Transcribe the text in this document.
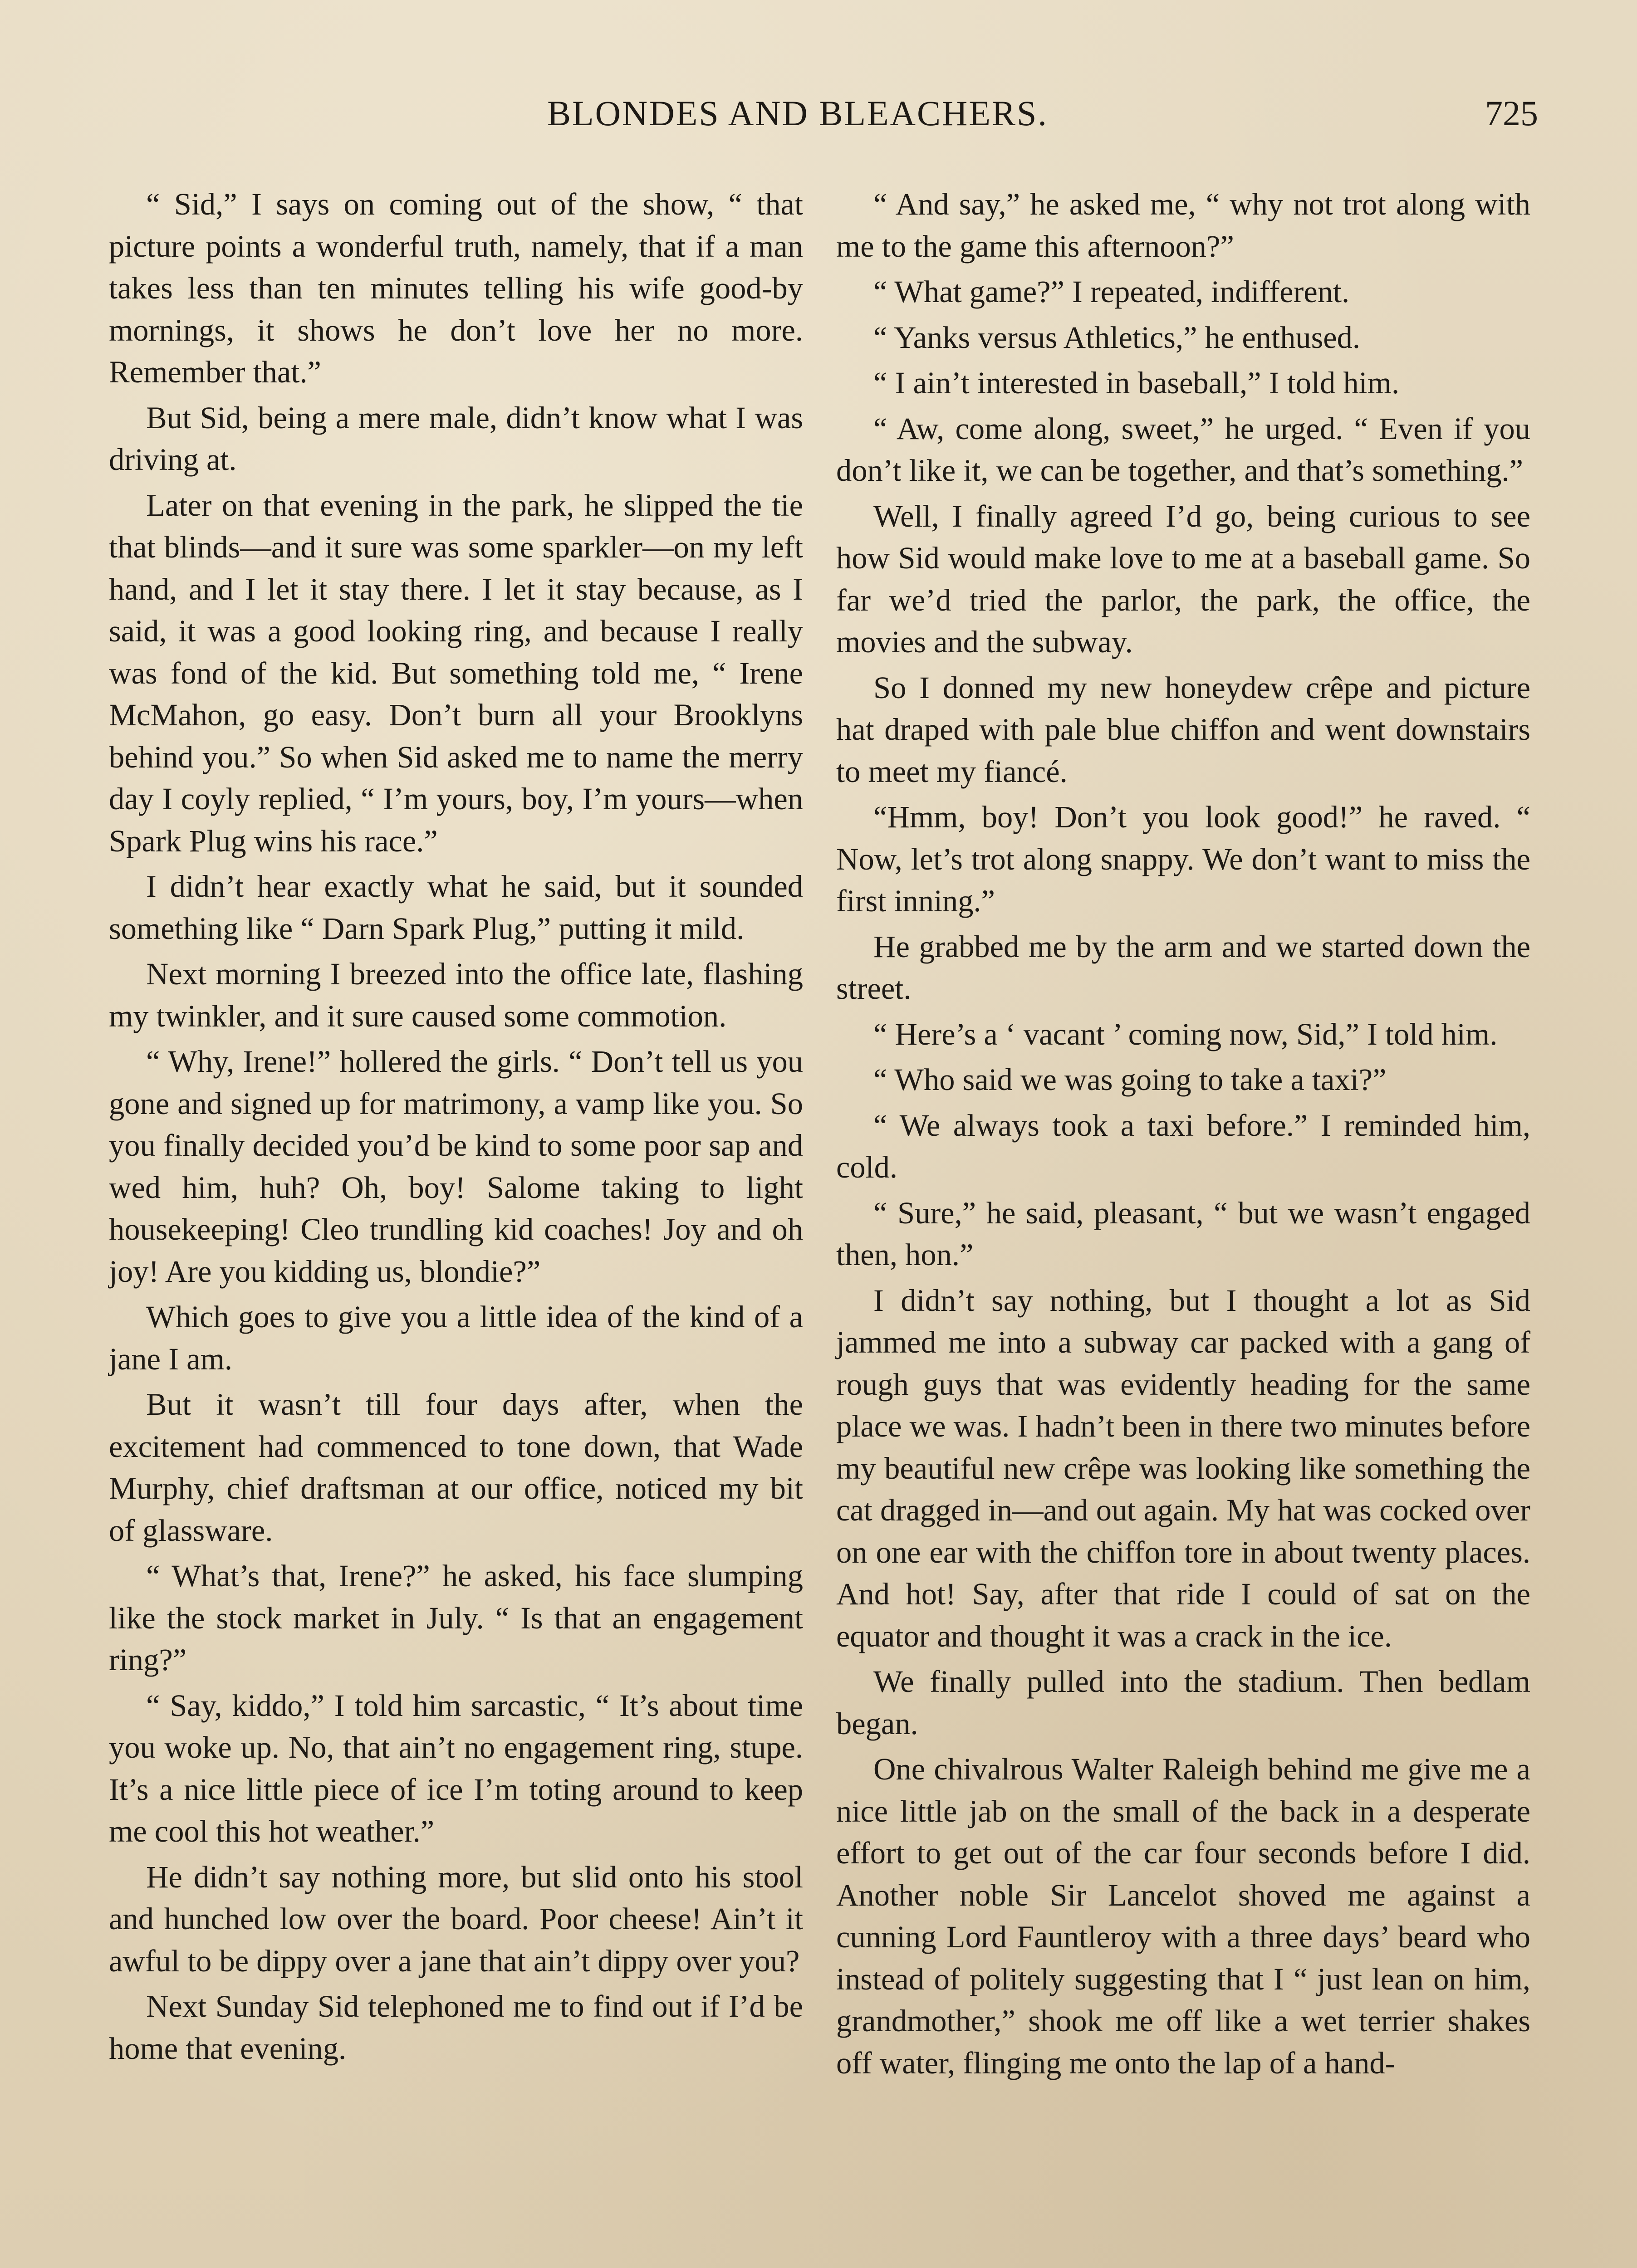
BLONDES AND BLEACHERS.	725

“ Sid,” I says on coming out of the show, “ that picture points a wonderful truth, namely, that if a man takes less than ten minutes telling his wife good-by mornings, it shows he don’t love her no more. Remember that.”

But Sid, being a mere male, didn’t know what I was driving at.

Later on that evening in the park, he slipped the tie that blinds—and it sure was some sparkler—on my left hand, and I let it stay there. I let it stay because, as I said, it was a good looking ring, and because I really was fond of the kid. But something told me, “ Irene McMahon, go easy. Don’t burn all your Brooklyns behind you.” So when Sid asked me to name the merry day I coyly replied, “ I’m yours, boy, I’m yours—when Spark Plug wins his race.”

I didn’t hear exactly what he said, but it sounded something like “ Darn Spark Plug,” putting it mild.

Next morning I breezed into the office late, flashing my twinkler, and it sure caused some commotion.

“ Why, Irene!” hollered the girls. “ Don’t tell us you gone and signed up for matrimony, a vamp like you. So you finally decided you’d be kind to some poor sap and wed him, huh? Oh, boy! Salome taking to light housekeeping! Cleo trundling kid coaches! Joy and oh joy! Are you kidding us, blondie?”

Which goes to give you a little idea of the kind of a jane I am.

But it wasn’t till four days after, when the excitement had commenced to tone down, that Wade Murphy, chief draftsman at our office, noticed my bit of glassware.

“ What’s that, Irene?” he asked, his face slumping like the stock market in July. “ Is that an engagement ring?”

“ Say, kiddo,” I told him sarcastic, “ It’s about time you woke up. No, that ain’t no engagement ring, stupe. It’s a nice little piece of ice I’m toting around to keep me cool this hot weather.”

He didn’t say nothing more, but slid onto his stool and hunched low over the board. Poor cheese! Ain’t it awful to be dippy over a jane that ain’t dippy over you?

Next Sunday Sid telephoned me to find out if I’d be home that evening.

“ And say,” he asked me, “ why not trot along with me to the game this afternoon?”

“ What game?” I repeated, indifferent.

“ Yanks versus Athletics,” he enthused.

“ I ain’t interested in baseball,” I told him.

“ Aw, come along, sweet,” he urged. “ Even if you don’t like it, we can be together, and that’s something.”

Well, I finally agreed I’d go, being curious to see how Sid would make love to me at a baseball game. So far we’d tried the parlor, the park, the office, the movies and the subway.

So I donned my new honeydew crêpe and picture hat draped with pale blue chiffon and went downstairs to meet my fiancé.

“Hmm, boy! Don’t you look good!” he raved. “ Now, let’s trot along snappy. We don’t want to miss the first inning.”

He grabbed me by the arm and we started down the street.

“ Here’s a ‘ vacant ’ coming now, Sid,” I told him.

“ Who said we was going to take a taxi?”

“ We always took a taxi before.” I reminded him, cold.

“ Sure,” he said, pleasant, “ but we wasn’t engaged then, hon.”

I didn’t say nothing, but I thought a lot as Sid jammed me into a subway car packed with a gang of rough guys that was evidently heading for the same place we was. I hadn’t been in there two minutes before my beautiful new crêpe was looking like something the cat dragged in—and out again. My hat was cocked over on one ear with the chiffon tore in about twenty places. And hot! Say, after that ride I could of sat on the equator and thought it was a crack in the ice.

We finally pulled into the stadium. Then bedlam began.

One chivalrous Walter Raleigh behind me give me a nice little jab on the small of the back in a desperate effort to get out of the car four seconds before I did. Another noble Sir Lancelot shoved me against a cunning Lord Fauntleroy with a three days’ beard who instead of politely suggesting that I “ just lean on him, grandmother,” shook me off like a wet terrier shakes off water, flinging me onto the lap of a hand-
